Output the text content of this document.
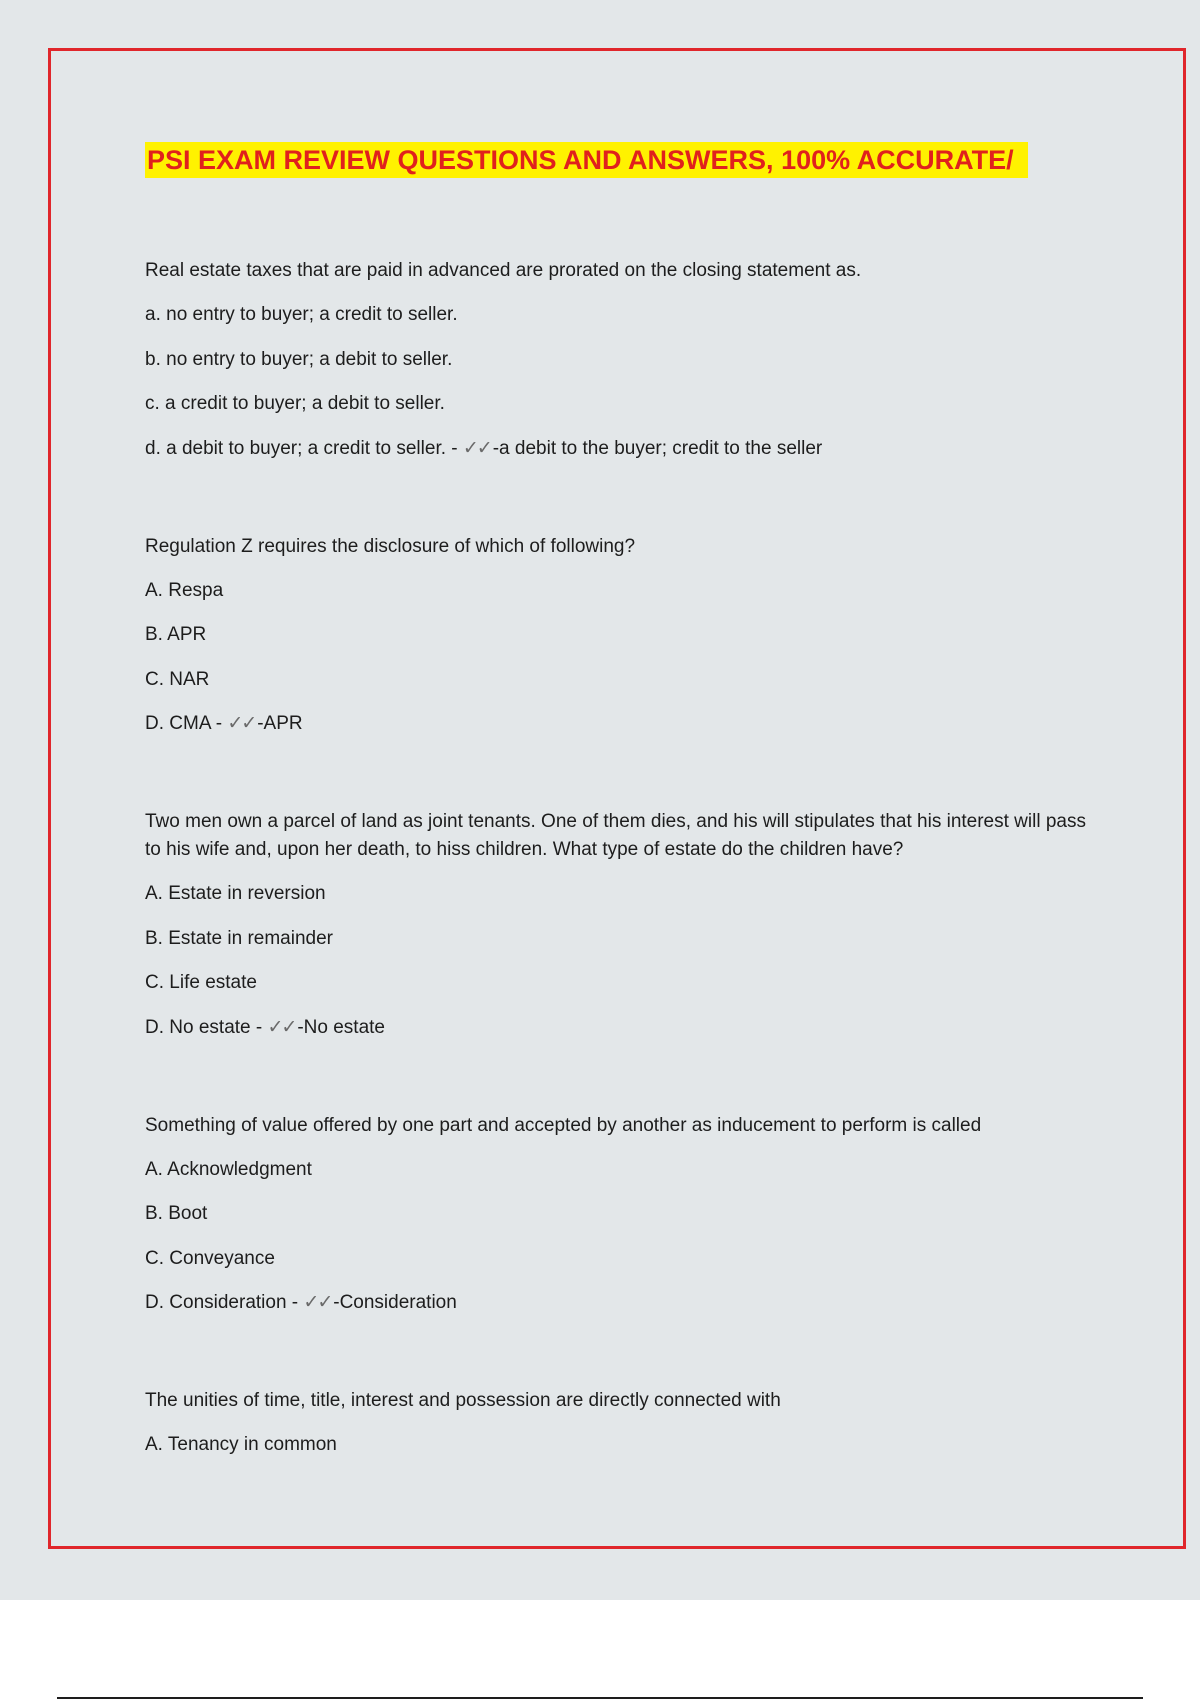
PSI EXAM REVIEW QUESTIONS AND ANSWERS, 100% ACCURATE/
Real estate taxes that are paid in advanced are prorated on the closing statement as.
a. no entry to buyer; a credit to seller.
b. no entry to buyer; a debit to seller.
c. a credit to buyer; a debit to seller.
d. a debit to buyer; a credit to seller. - ✓✓ -a debit to the buyer; credit to the seller
Regulation Z requires the disclosure of which of following?
A. Respa
B. APR
C. NAR
D. CMA - ✓✓ -APR
Two men own a parcel of land as joint tenants. One of them dies, and his will stipulates that his interest will pass to his wife and, upon her death, to hiss children. What type of estate do the children have?
A. Estate in reversion
B. Estate in remainder
C. Life estate
D. No estate - ✓✓ -No estate
Something of value offered by one part and accepted by another as inducement to perform is called
A. Acknowledgment
B. Boot
C. Conveyance
D. Consideration - ✓✓ -Consideration
The unities of time, title, interest and possession are directly connected with
A. Tenancy in common
